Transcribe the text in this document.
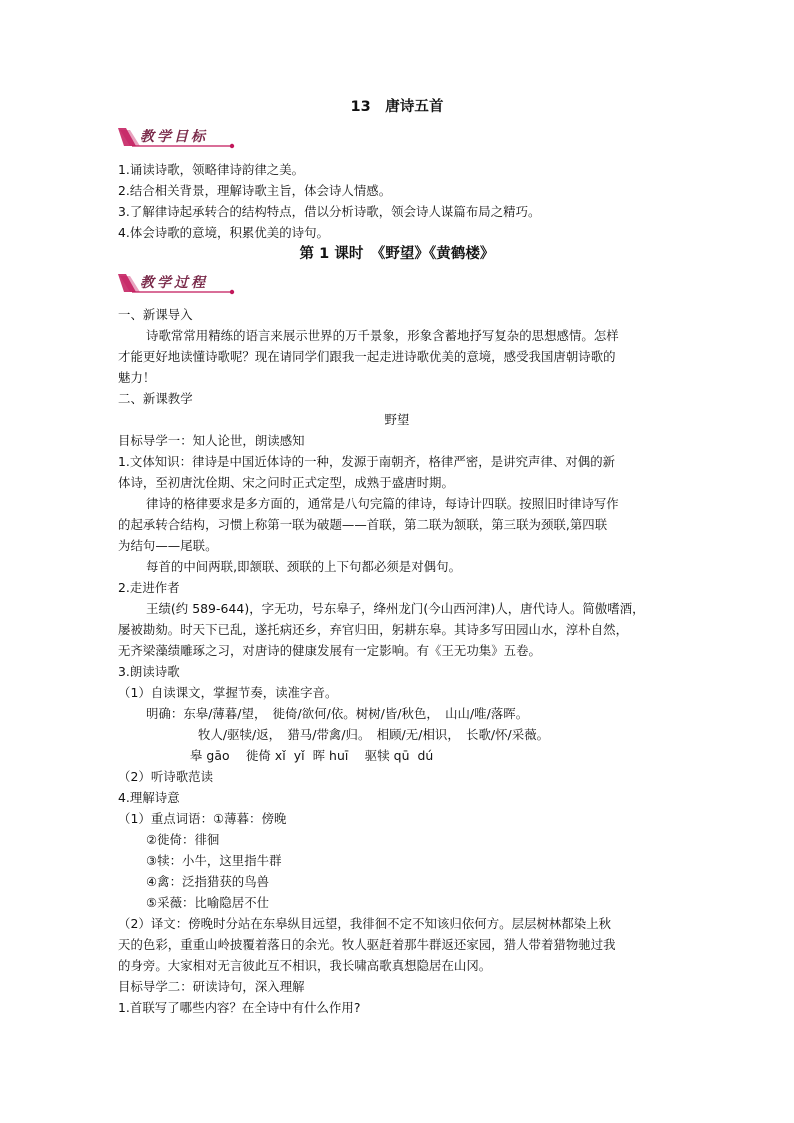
13　唐诗五首
教学目标
1.诵读诗歌，领略律诗韵律之美。
2.结合相关背景，理解诗歌主旨，体会诗人情感。
3.了解律诗起承转合的结构特点，借以分析诗歌，领会诗人谋篇布局之精巧。
4.体会诗歌的意境，积累优美的诗句。
第 1 课时　《野望》《黄鹤楼》
教学过程
一、新课导入
诗歌常常用精练的语言来展示世界的万千景象，形象含蓄地抒写复杂的思想感情。怎样
才能更好地读懂诗歌呢？现在请同学们跟我一起走进诗歌优美的意境，感受我国唐朝诗歌的
魅力！
二、新课教学
野望
目标导学一：知人论世，朗读感知
1.文体知识：律诗是中国近体诗的一种，发源于南朝齐，格律严密，是讲究声律、对偶的新
体诗，至初唐沈佺期、宋之问时正式定型，成熟于盛唐时期。
律诗的格律要求是多方面的，通常是八句完篇的律诗，每诗计四联。按照旧时律诗写作
的起承转合结构，习惯上称第一联为破题——首联，第二联为颔联，第三联为颈联,第四联
为结句——尾联。
每首的中间两联,即颔联、颈联的上下句都必须是对偶句。
2.走进作者
王绩(约 589-644)，字无功，号东皋子，绛州龙门(今山西河津)人，唐代诗人。简傲嗜酒，
屡被勘劾。时天下已乱，遂托病还乡，弃官归田，躬耕东皋。其诗多写田园山水，淳朴自然，
无齐梁藻绩雕琢之习，对唐诗的健康发展有一定影响。有《王无功集》五卷。
3.朗读诗歌
（1）自读课文，掌握节奏，读准字音。
明确：东皋/薄暮/望，　徙倚/欲何/依。树树/皆/秋色，　山山/唯/落晖。
牧人/驱犊/返，　猎马/带禽/归。　相顾/无/相识，　长歌/怀/采薇。
皋 gāo　 徙倚 xǐ  yǐ  晖 huī　 驱犊 qū  dú
（2）听诗歌范读
4.理解诗意
（1）重点词语：①薄暮：傍晚
②徙倚：徘徊
③犊：小牛，这里指牛群
④禽：泛指猎获的鸟兽
⑤采薇：比喻隐居不仕
（2）译文：傍晚时分站在东皋纵目远望，我徘徊不定不知该归依何方。层层树林都染上秋
天的色彩，重重山岭披覆着落日的余光。牧人驱赶着那牛群返还家园，猎人带着猎物驰过我
的身旁。大家相对无言彼此互不相识，我长啸高歌真想隐居在山冈。
目标导学二：研读诗句，深入理解
1.首联写了哪些内容？在全诗中有什么作用?
